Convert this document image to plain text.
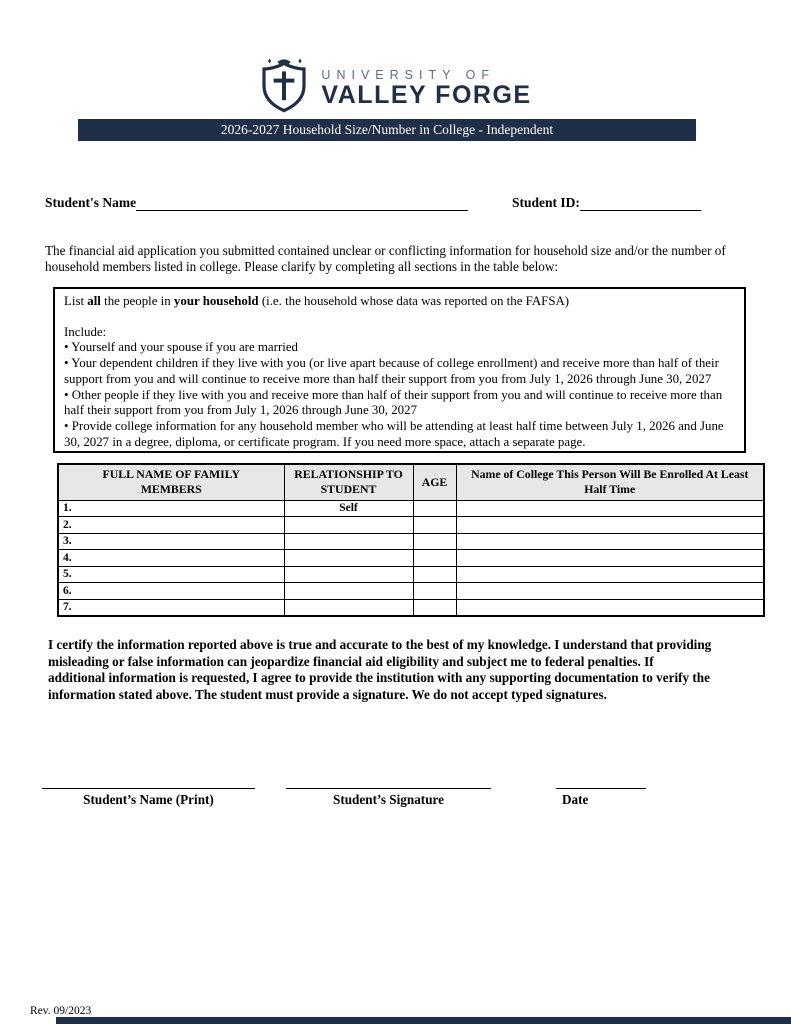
UNIVERSITY OF
VALLEY FORGE
2026-2027 Household Size/Number in College - Independent
Student's Name	Student ID:
The financial aid application you submitted contained unclear or conflicting information for household size and/or the number of household members listed in college. Please clarify by completing all sections in the table below:
List all the people in your household (i.e. the household whose data was reported on the FAFSA)
Include:
• Yourself and your spouse if you are married
• Your dependent children if they live with you (or live apart because of college enrollment) and receive more than half of their support from you and will continue to receive more than half their support from you from July 1, 2026 through June 30, 2027
• Other people if they live with you and receive more than half of their support from you and will continue to receive more than half their support from you from July 1, 2026 through June 30, 2027
• Provide college information for any household member who will be attending at least half time between July 1, 2026 and June 30, 2027 in a degree, diploma, or certificate program. If you need more space, attach a separate page.
FULL NAME OF FAMILY MEMBERS	RELATIONSHIP TO STUDENT	AGE	Name of College This Person Will Be Enrolled At Least Half Time
1.	Self		
2.			
3.			
4.			
5.			
6.			
7.			
I certify the information reported above is true and accurate to the best of my knowledge. I understand that providing misleading or false information can jeopardize financial aid eligibility and subject me to federal penalties. If additional information is requested, I agree to provide the institution with any supporting documentation to verify the information stated above. The student must provide a signature. We do not accept typed signatures.
Student’s Name (Print)	Student’s Signature	Date
Rev. 09/2023
